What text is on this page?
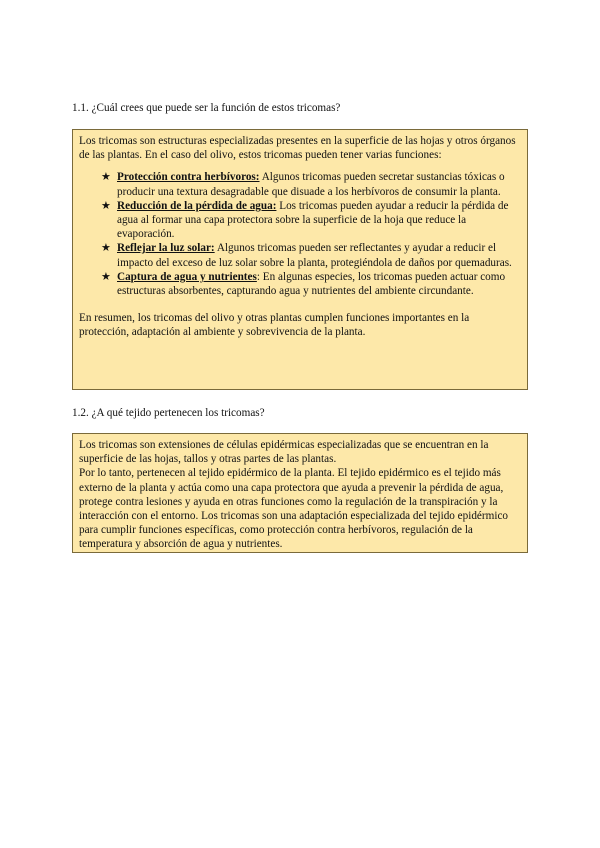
1.1. ¿Cuál crees que puede ser la función de estos tricomas?

Los tricomas son estructuras especializadas presentes en la superficie de las hojas y otros órganos de las plantas. En el caso del olivo, estos tricomas pueden tener varias funciones:

★ Protección contra herbívoros: Algunos tricomas pueden secretar sustancias tóxicas o producir una textura desagradable que disuade a los herbívoros de consumir la planta.
★ Reducción de la pérdida de agua: Los tricomas pueden ayudar a reducir la pérdida de agua al formar una capa protectora sobre la superficie de la hoja que reduce la evaporación.
★ Reflejar la luz solar: Algunos tricomas pueden ser reflectantes y ayudar a reducir el impacto del exceso de luz solar sobre la planta, protegiéndola de daños por quemaduras.
★ Captura de agua y nutrientes: En algunas especies, los tricomas pueden actuar como estructuras absorbentes, capturando agua y nutrientes del ambiente circundante.

En resumen, los tricomas del olivo y otras plantas cumplen funciones importantes en la protección, adaptación al ambiente y sobrevivencia de la planta.

1.2. ¿A qué tejido pertenecen los tricomas?

Los tricomas son extensiones de células epidérmicas especializadas que se encuentran en la superficie de las hojas, tallos y otras partes de las plantas.

Por lo tanto, pertenecen al tejido epidérmico de la planta. El tejido epidérmico es el tejido más externo de la planta y actúa como una capa protectora que ayuda a prevenir la pérdida de agua, protege contra lesiones y ayuda en otras funciones como la regulación de la transpiración y la interacción con el entorno. Los tricomas son una adaptación especializada del tejido epidérmico para cumplir funciones específicas, como protección contra herbívoros, regulación de la temperatura y absorción de agua y nutrientes.
